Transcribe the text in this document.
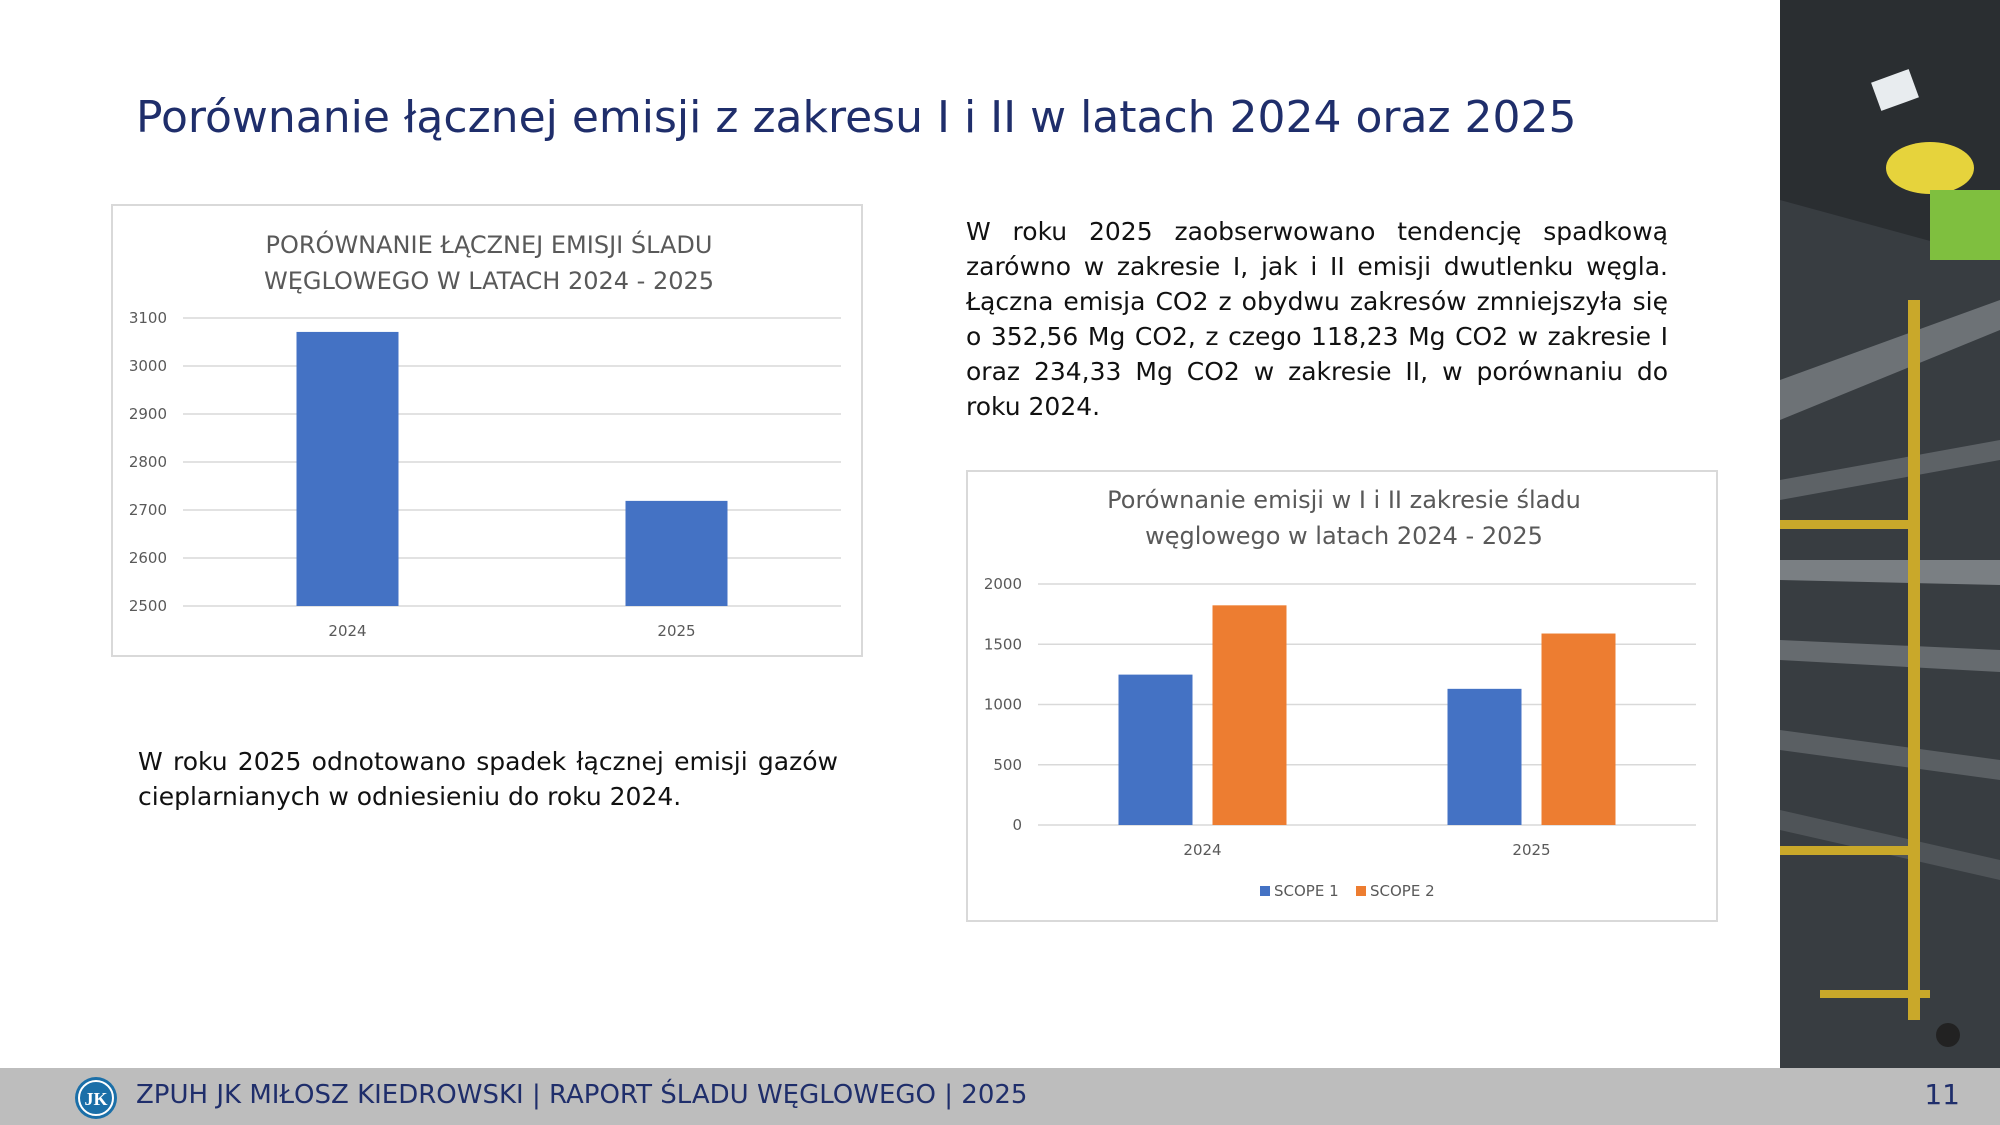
Porównanie łącznej emisji z zakresu I i II w latach 2024 oraz 2025
PORÓWNANIE ŁĄCZNEJ EMISJI ŚLADU
WĘGLOWEGO W LATACH 2024 - 2025
2500
2600
2700
2800
2900
3000
3100
2024	2025
W roku 2025 zaobserwowano tendencję spadkową zarówno w zakresie I, jak i II emisji dwutlenku węgla. Łączna emisja CO2 z obydwu zakresów zmniejszyła się o 352,56 Mg CO2, z czego 118,23 Mg CO2 w zakresie I oraz 234,33 Mg CO2 w zakresie II, w porównaniu do roku 2024.
Porównanie emisji w I i II zakresie śladu
węglowego w latach 2024 - 2025
0
500
1000
1500
2000
2024	2025
SCOPE 1 SCOPE 2
W roku 2025 odnotowano spadek łącznej emisji gazów cieplarnianych w odniesieniu do roku 2024.
JK ZPUH JK MIŁOSZ KIEDROWSKI | RAPORT ŚLADU WĘGLOWEGO | 2025	11
